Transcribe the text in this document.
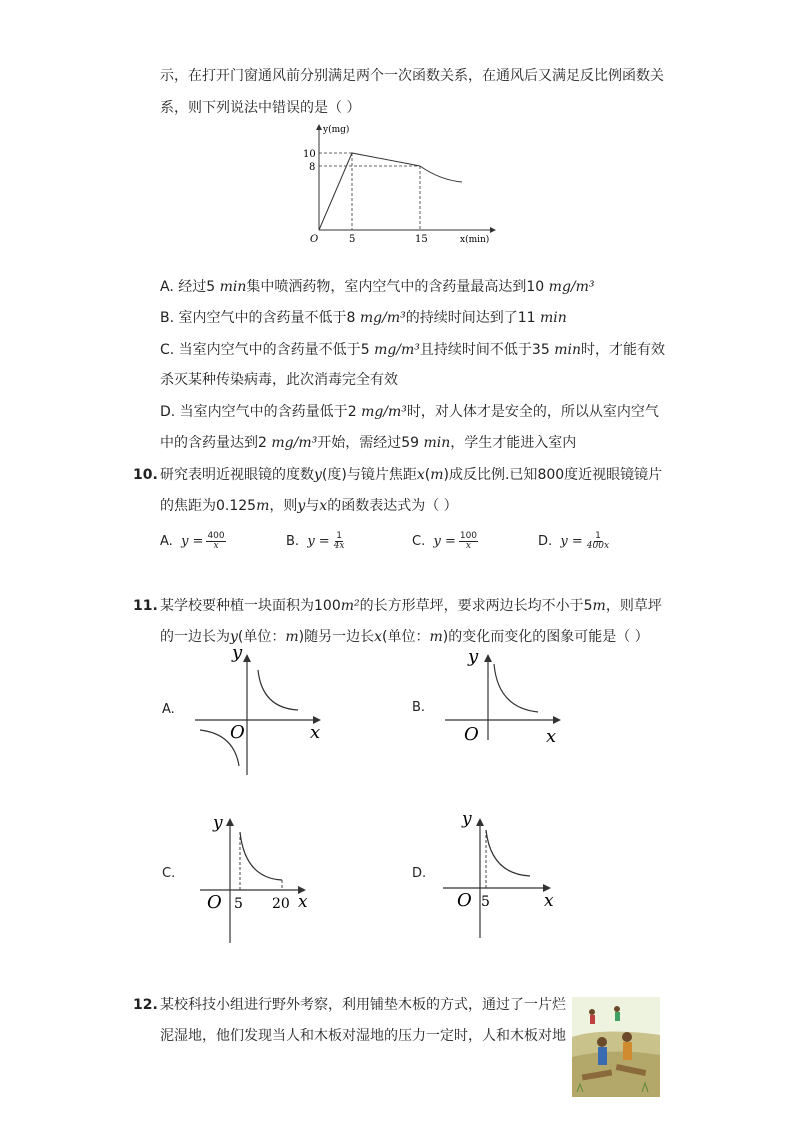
示，在打开门窗通风前分别满足两个一次函数关系，在通风后又满足反比例函数关
系，则下列说法中错误的是（ ）
y(mg)
10
8
O	5	15	x(min)
A. 经过5 min集中喷洒药物，室内空气中的含药量最高达到10 mg/m³
B. 室内空气中的含药量不低于8 mg/m³的持续时间达到了11 min
C. 当室内空气中的含药量不低于5 mg/m³且持续时间不低于35 min时，才能有效
杀灭某种传染病毒，此次消毒完全有效
D. 当室内空气中的含药量低于2 mg/m³时，对人体才是安全的，所以从室内空气
中的含药量达到2 mg/m³开始，需经过59 min，学生才能进入室内
10. 研究表明近视眼镜的度数y(度)与镜片焦距x(m)成反比例.已知800度近视眼镜镜片
的焦距为0.125m，则y与x的函数表达式为（ ）
A. $y = \frac{400}{x}$	B. $y = \frac{1}{4x}$	C. $y = \frac{100}{x}$	D. $y = \frac{1}{400x}$
11. 某学校要种植一块面积为100m²的长方形草坪，要求两边长均不小于5m，则草坪
的一边长为y(单位：m)随另一边长x(单位：m)的变化而变化的图象可能是（ ）
A.
y
O	x
B.
y
O	x
C.
y
O 5 20 x
D.
y
O 5	x
12. 某校科技小组进行野外考察，利用铺垫木板的方式，通过了一片烂
泥湿地，他们发现当人和木板对湿地的压力一定时，人和木板对地
